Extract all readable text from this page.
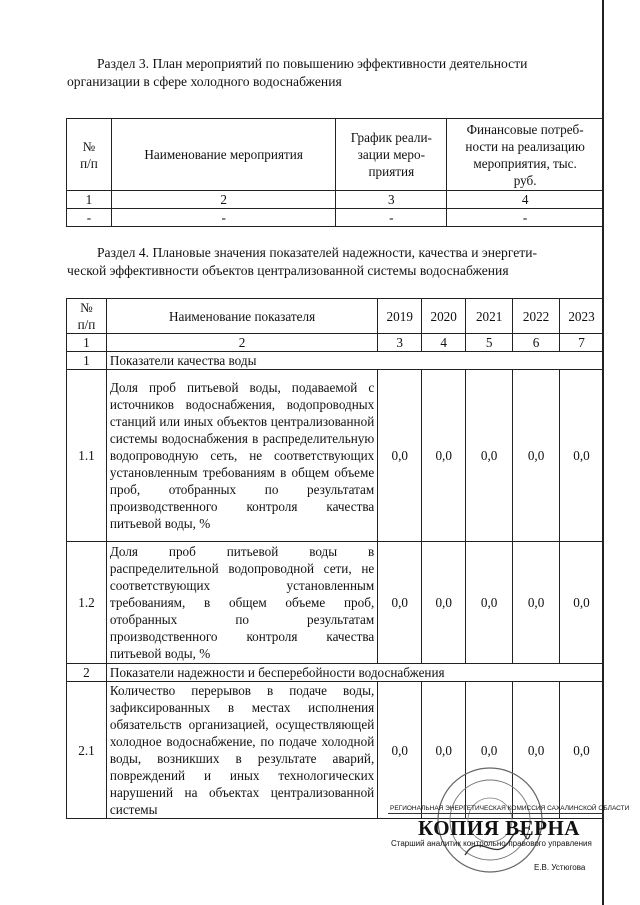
Раздел 3. План мероприятий по повышению эффективности деятельности
организации в сфере холодного водоснабжения
№
п/п	Наименование мероприятия	График реали-
зации меро-
приятия	Финансовые потреб-
ности на реализацию
мероприятия, тыс.
руб.
1	2	3	4
-	-	-	-
Раздел 4. Плановые значения показателей надежности, качества и энергети-
ческой эффективности объектов централизованной системы водоснабжения
№
п/п	Наименование показателя	2019	2020	2021	2022	2023
1	2	3	4	5	6	7
1	Показатели качества воды					
1.1	Доля проб питьевой воды, подаваемой с источников водоснабжения, водопроводных станций или иных объектов централизованной системы водоснабжения в распределительную водопроводную сеть, не соответствующих установленным требованиям в общем объеме проб, отобранных по результатам производственного контроля качества питьевой воды, %	0,0	0,0	0,0	0,0	0,0
1.2	Доля проб питьевой воды в распределительной водопроводной сети, не соответствующих установленным требованиям, в общем объеме проб, отобранных по результатам производственного контроля качества питьевой воды, %	0,0	0,0	0,0	0,0	0,0
2	Показатели надежности и бесперебойности водоснабжения					
2.1	Количество перерывов в подаче воды, зафиксированных в местах исполнения обязательств организацией, осуществляющей холодное водоснабжение, по подаче холодной воды, возникших в результате аварий, повреждений и иных технологических нарушений на объектах централизованной системы	0,0	0,0	0,0	0,0	0,0
РЕГИОНАЛЬНАЯ ЭНЕРГЕТИЧЕСКАЯ КОМИССИЯ САХАЛИНСКОЙ ОБЛАСТИ
КОПИЯ ВЕРНА
Старший аналитик контрольно-правового управления
Е.В. Устюгова
